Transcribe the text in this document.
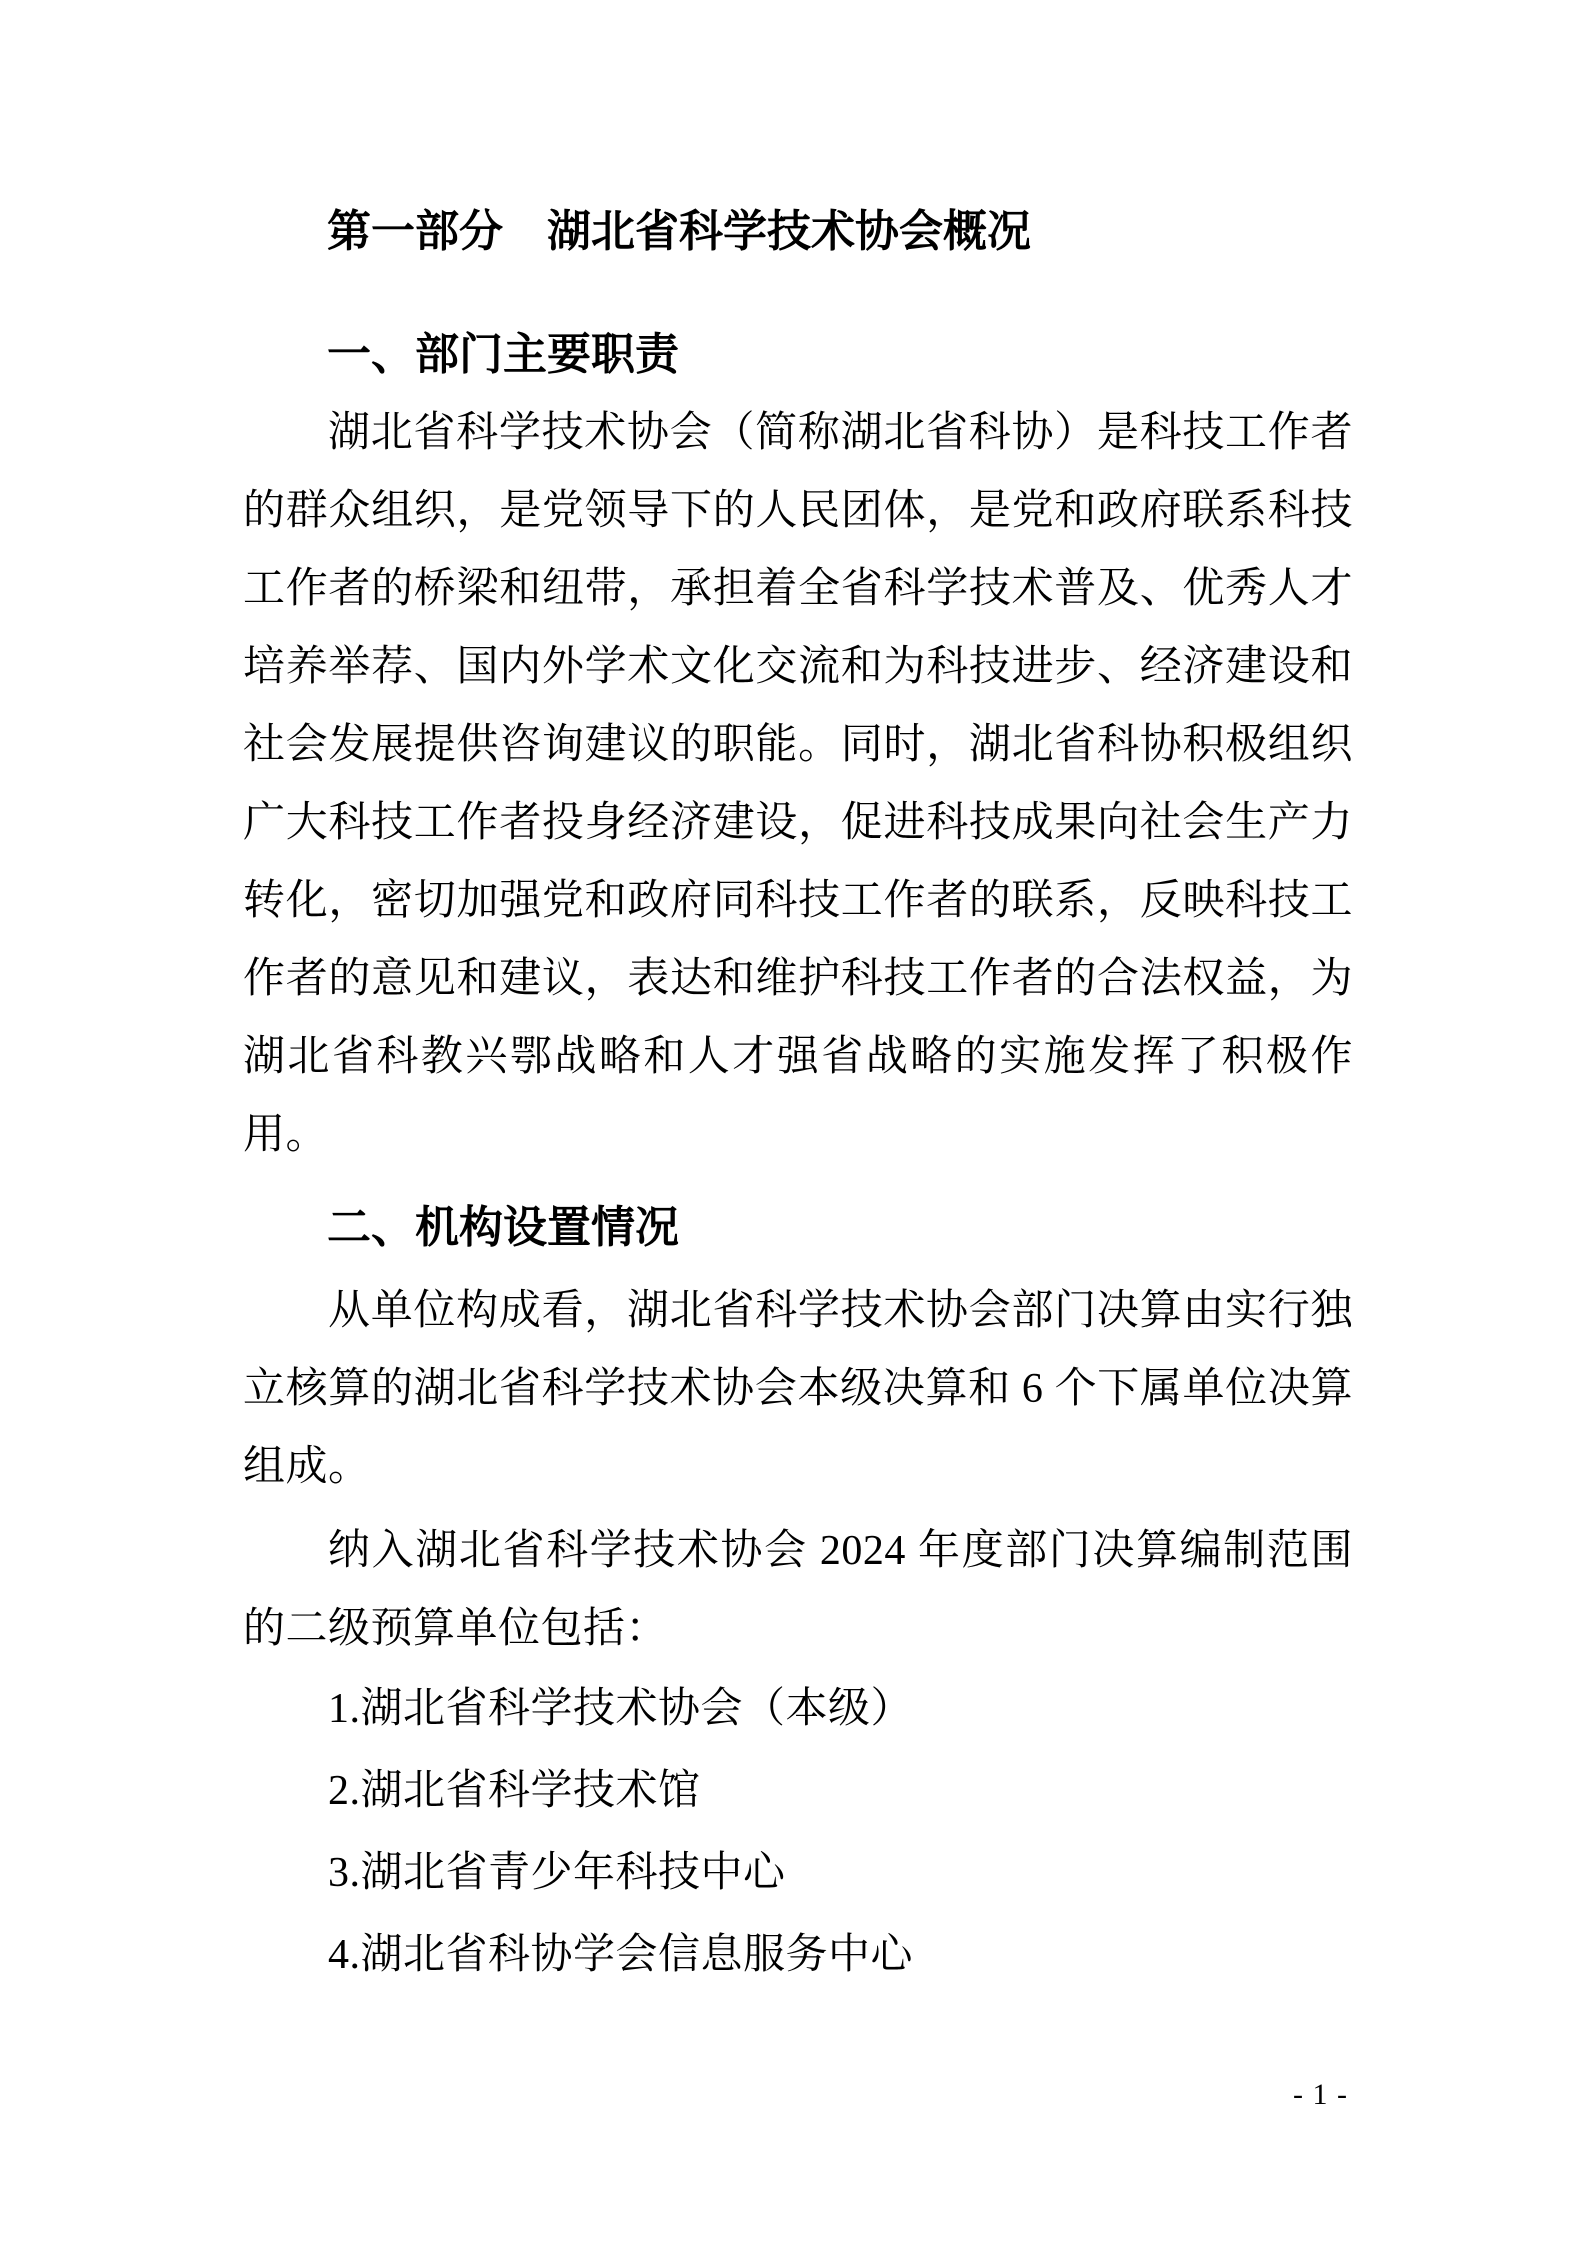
第一部分　湖北省科学技术协会概况
一、部门主要职责

湖北省科学技术协会（简称湖北省科协）是科技工作者的群众组织，是党领导下的人民团体，是党和政府联系科技工作者的桥梁和纽带，承担着全省科学技术普及、优秀人才培养举荐、国内外学术文化交流和为科技进步、经济建设和社会发展提供咨询建议的职能。同时，湖北省科协积极组织广大科技工作者投身经济建设，促进科技成果向社会生产力转化，密切加强党和政府同科技工作者的联系，反映科技工作者的意见和建议，表达和维护科技工作者的合法权益，为湖北省科教兴鄂战略和人才强省战略的实施发挥了积极作用。

二、机构设置情况

从单位构成看，湖北省科学技术协会部门决算由实行独立核算的湖北省科学技术协会本级决算和 6 个下属单位决算组成。

纳入湖北省科学技术协会 2024 年度部门决算编制范围的二级预算单位包括：

1.湖北省科学技术协会（本级）

2.湖北省科学技术馆

3.湖北省青少年科技中心

4.湖北省科协学会信息服务中心

- 1 -
